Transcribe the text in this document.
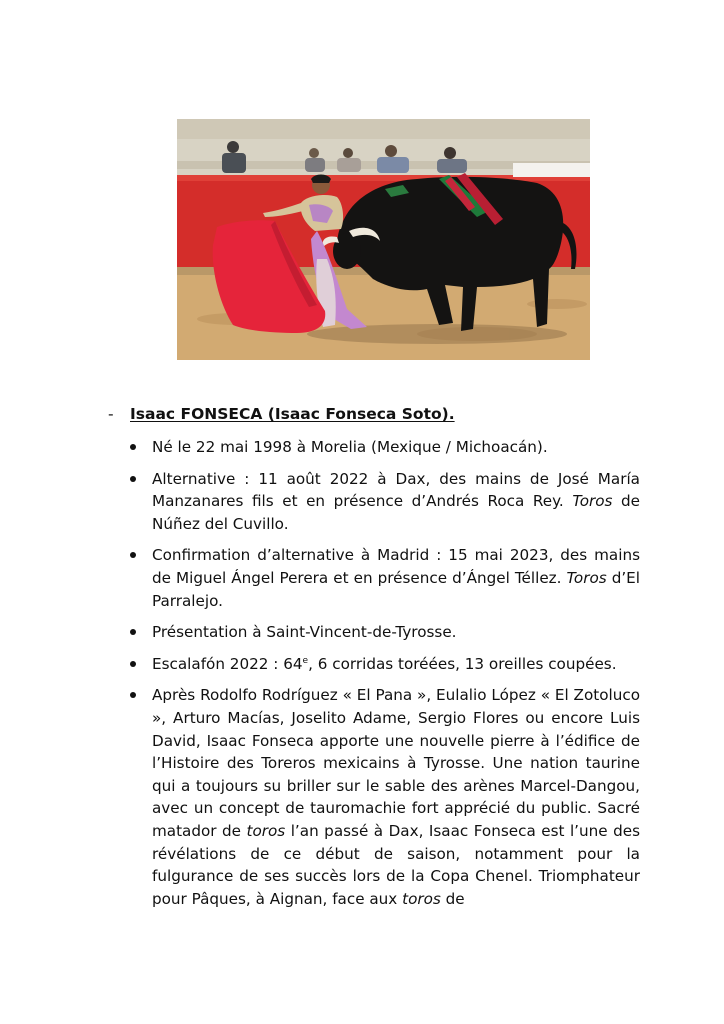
- Isaac FONSECA (Isaac Fonseca Soto).
Né le 22 mai 1998 à Morelia (Mexique / Michoacán).
Alternative : 11 août 2022 à Dax, des mains de José María Manzanares fils et en présence d’Andrés Roca Rey. Toros de Núñez del Cuvillo.
Confirmation d’alternative à Madrid : 15 mai 2023, des mains de Miguel Ángel Perera et en présence d’Ángel Téllez. Toros d’El Parralejo.
Présentation à Saint-Vincent-de-Tyrosse.
Escalafón 2022 : 64e, 6 corridas toréées, 13 oreilles coupées.
Après Rodolfo Rodríguez « El Pana », Eulalio López « El Zotoluco », Arturo Macías, Joselito Adame, Sergio Flores ou encore Luis David, Isaac Fonseca apporte une nouvelle pierre à l’édifice de l’Histoire des Toreros mexicains à Tyrosse. Une nation taurine qui a toujours su briller sur le sable des arènes Marcel-Dangou, avec un concept de tauromachie fort apprécié du public. Sacré matador de toros l’an passé à Dax, Isaac Fonseca est l’une des révélations de ce début de saison, notamment pour la fulgurance de ses succès lors de la Copa Chenel. Triomphateur pour Pâques, à Aignan, face aux toros de
